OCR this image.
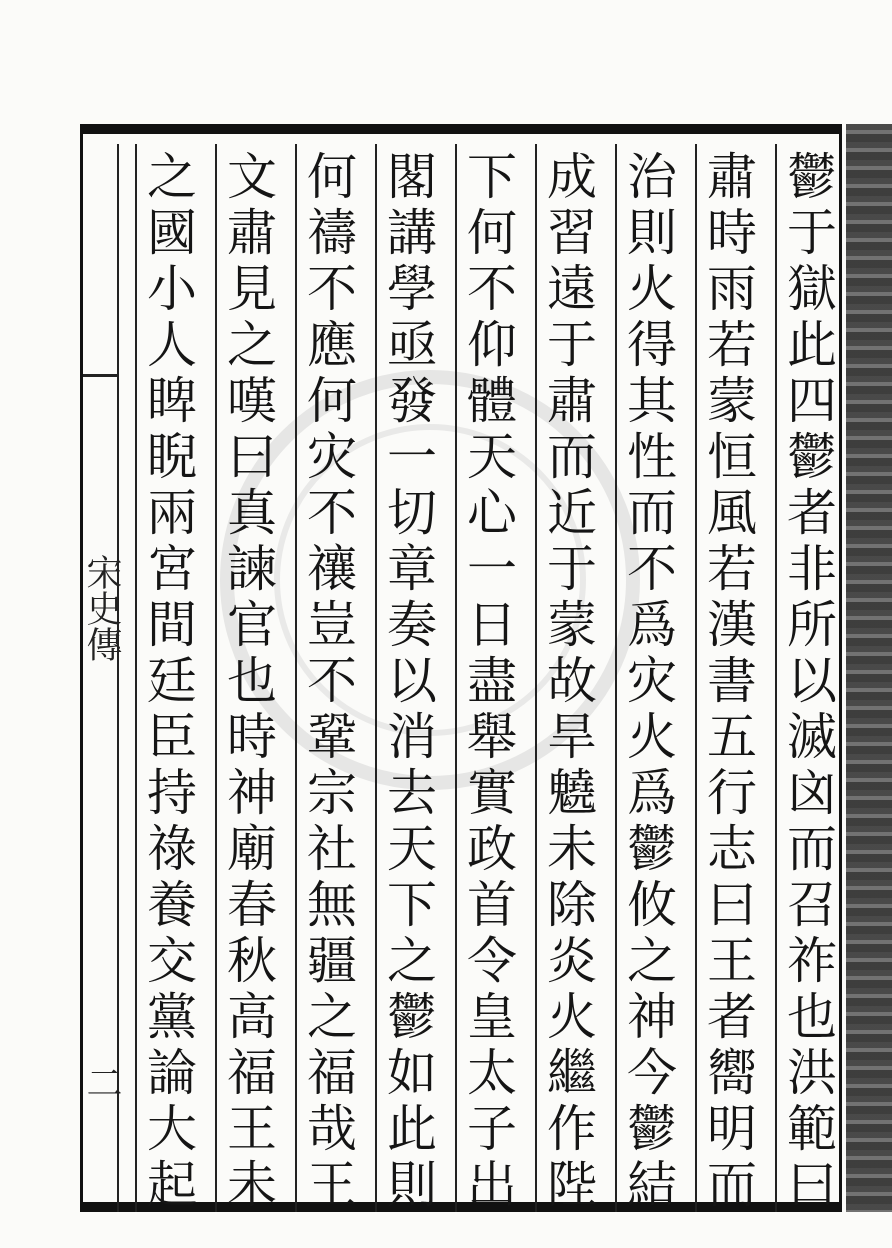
宋史傳
二	鬱于獄此四鬱者非所以滅㓙而召祚也洪範曰
肅時雨若蒙恒風若漢書五行志曰王者嚮明而
治則火得其性而不爲灾火爲鬱攸之神今鬱結
成習遠于肅而近于蒙故旱䰫未除炎火繼作陛
下何不仰體天心一日盡舉實政首令皇太子出
閣講學亟發一切章奏以消去天下之鬱如此則
何禱不應何灾不禳豈不鞏宗社無疆之福哉王
文肅見之嘆曰真諫官也時神廟春秋高福王未
之國小人睥睨兩宮間廷臣持祿養交黨論大起
